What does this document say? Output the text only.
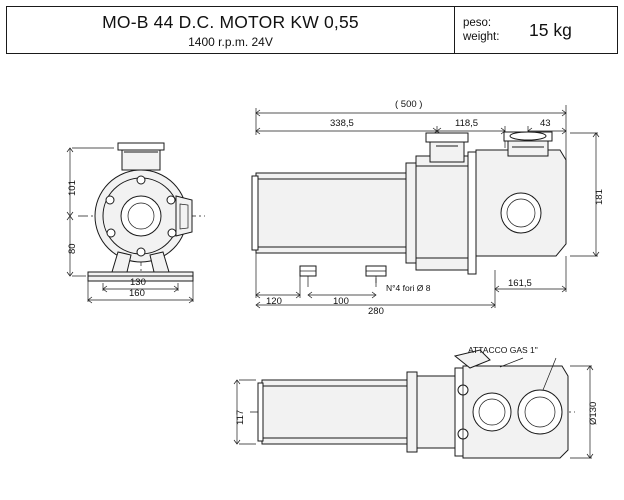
MO-B 44 D.C. MOTOR KW 0,55
1400 r.p.m. 24V
peso:
weight:	15 kg
101
80
130
160
( 500 )
338,5	118,5	43
181
120	100
280
161,5
N°4 fori Ø 8
117	Ø130
ATTACCO GAS 1"
